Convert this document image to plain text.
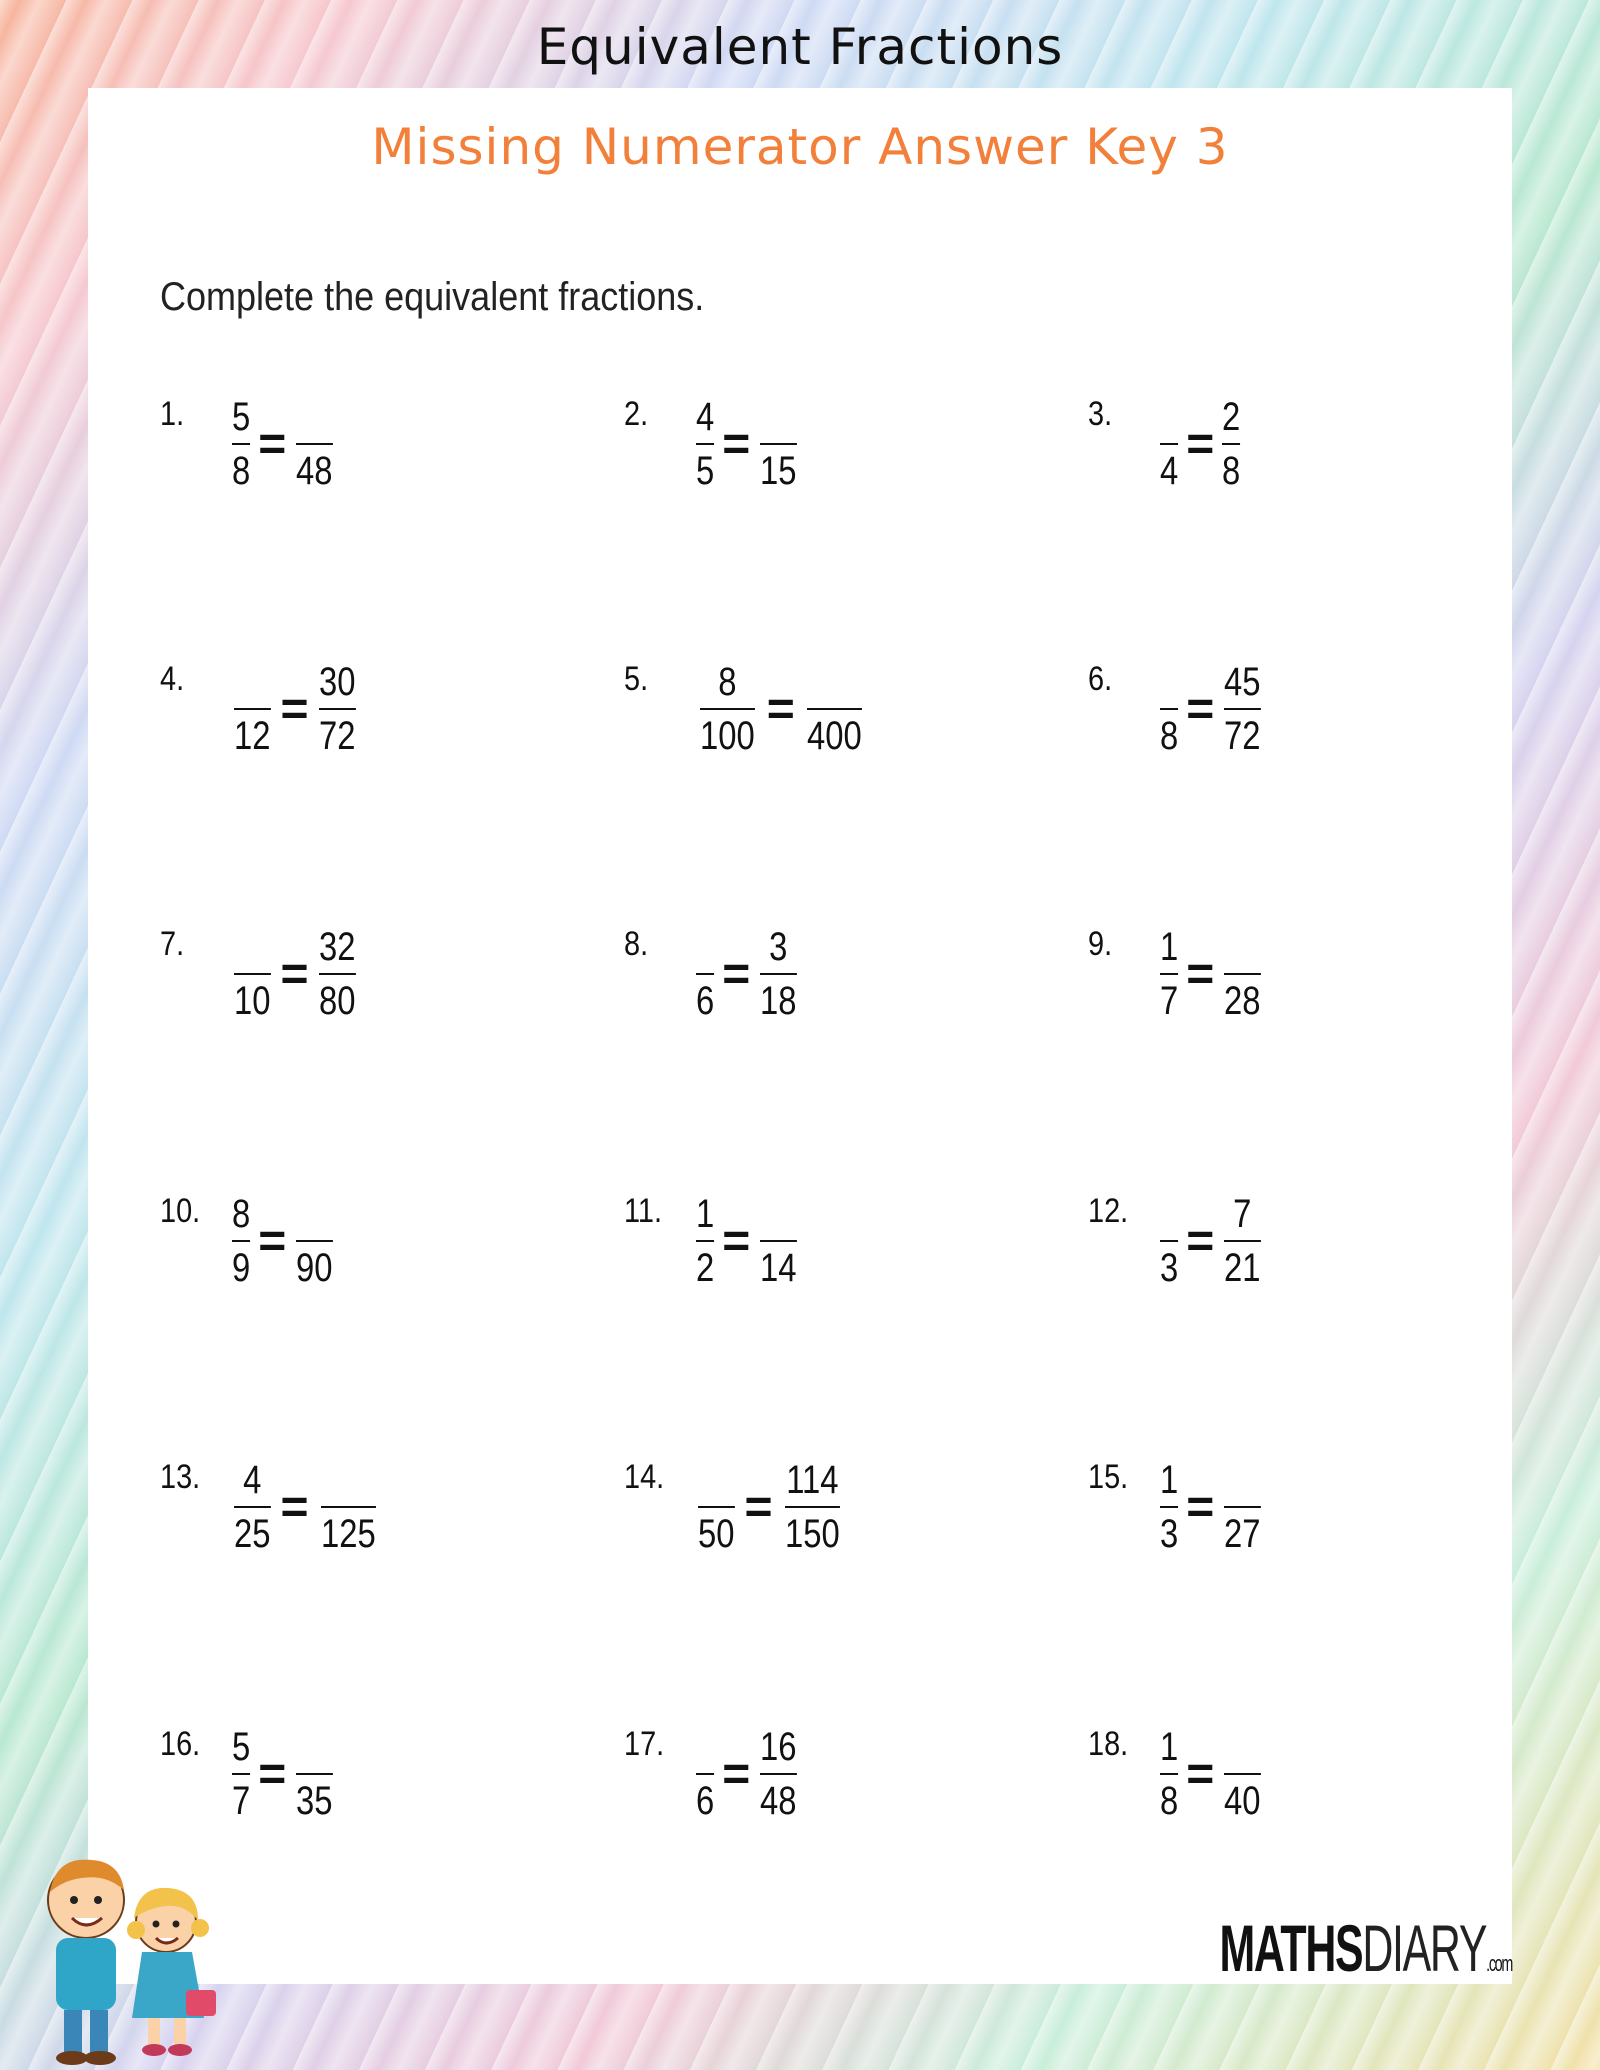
Equivalent Fractions
Missing Numerator Answer Key 3
Complete the equivalent fractions.
1.	$\frac{5}{8}$ =
48
2.	$\frac{4}{5}$ =
15
3.
4
= $\frac{2}{8}$
4.
12
= $\frac{30}{72}$	5.	$\frac{8}{100}$ =
400
6.
8
= $\frac{45}{72}$
7.
10
= $\frac{32}{80}$	8.
6
= $\frac{3}{18}$	9.	$\frac{1}{7}$ =
28
10. $\frac{8}{9}$ =
90
11. $\frac{1}{2}$ =
14
12.
3
= $\frac{7}{21}$
13. $\frac{4}{25}$ =
125
14.
50
= $\frac{114}{150}$	15. $\frac{1}{3}$ =
27
16. $\frac{5}{7}$ =
35
17.
6
= $\frac{16}{48}$	18. $\frac{1}{8}$ =
40
MATHSDIARY.com
